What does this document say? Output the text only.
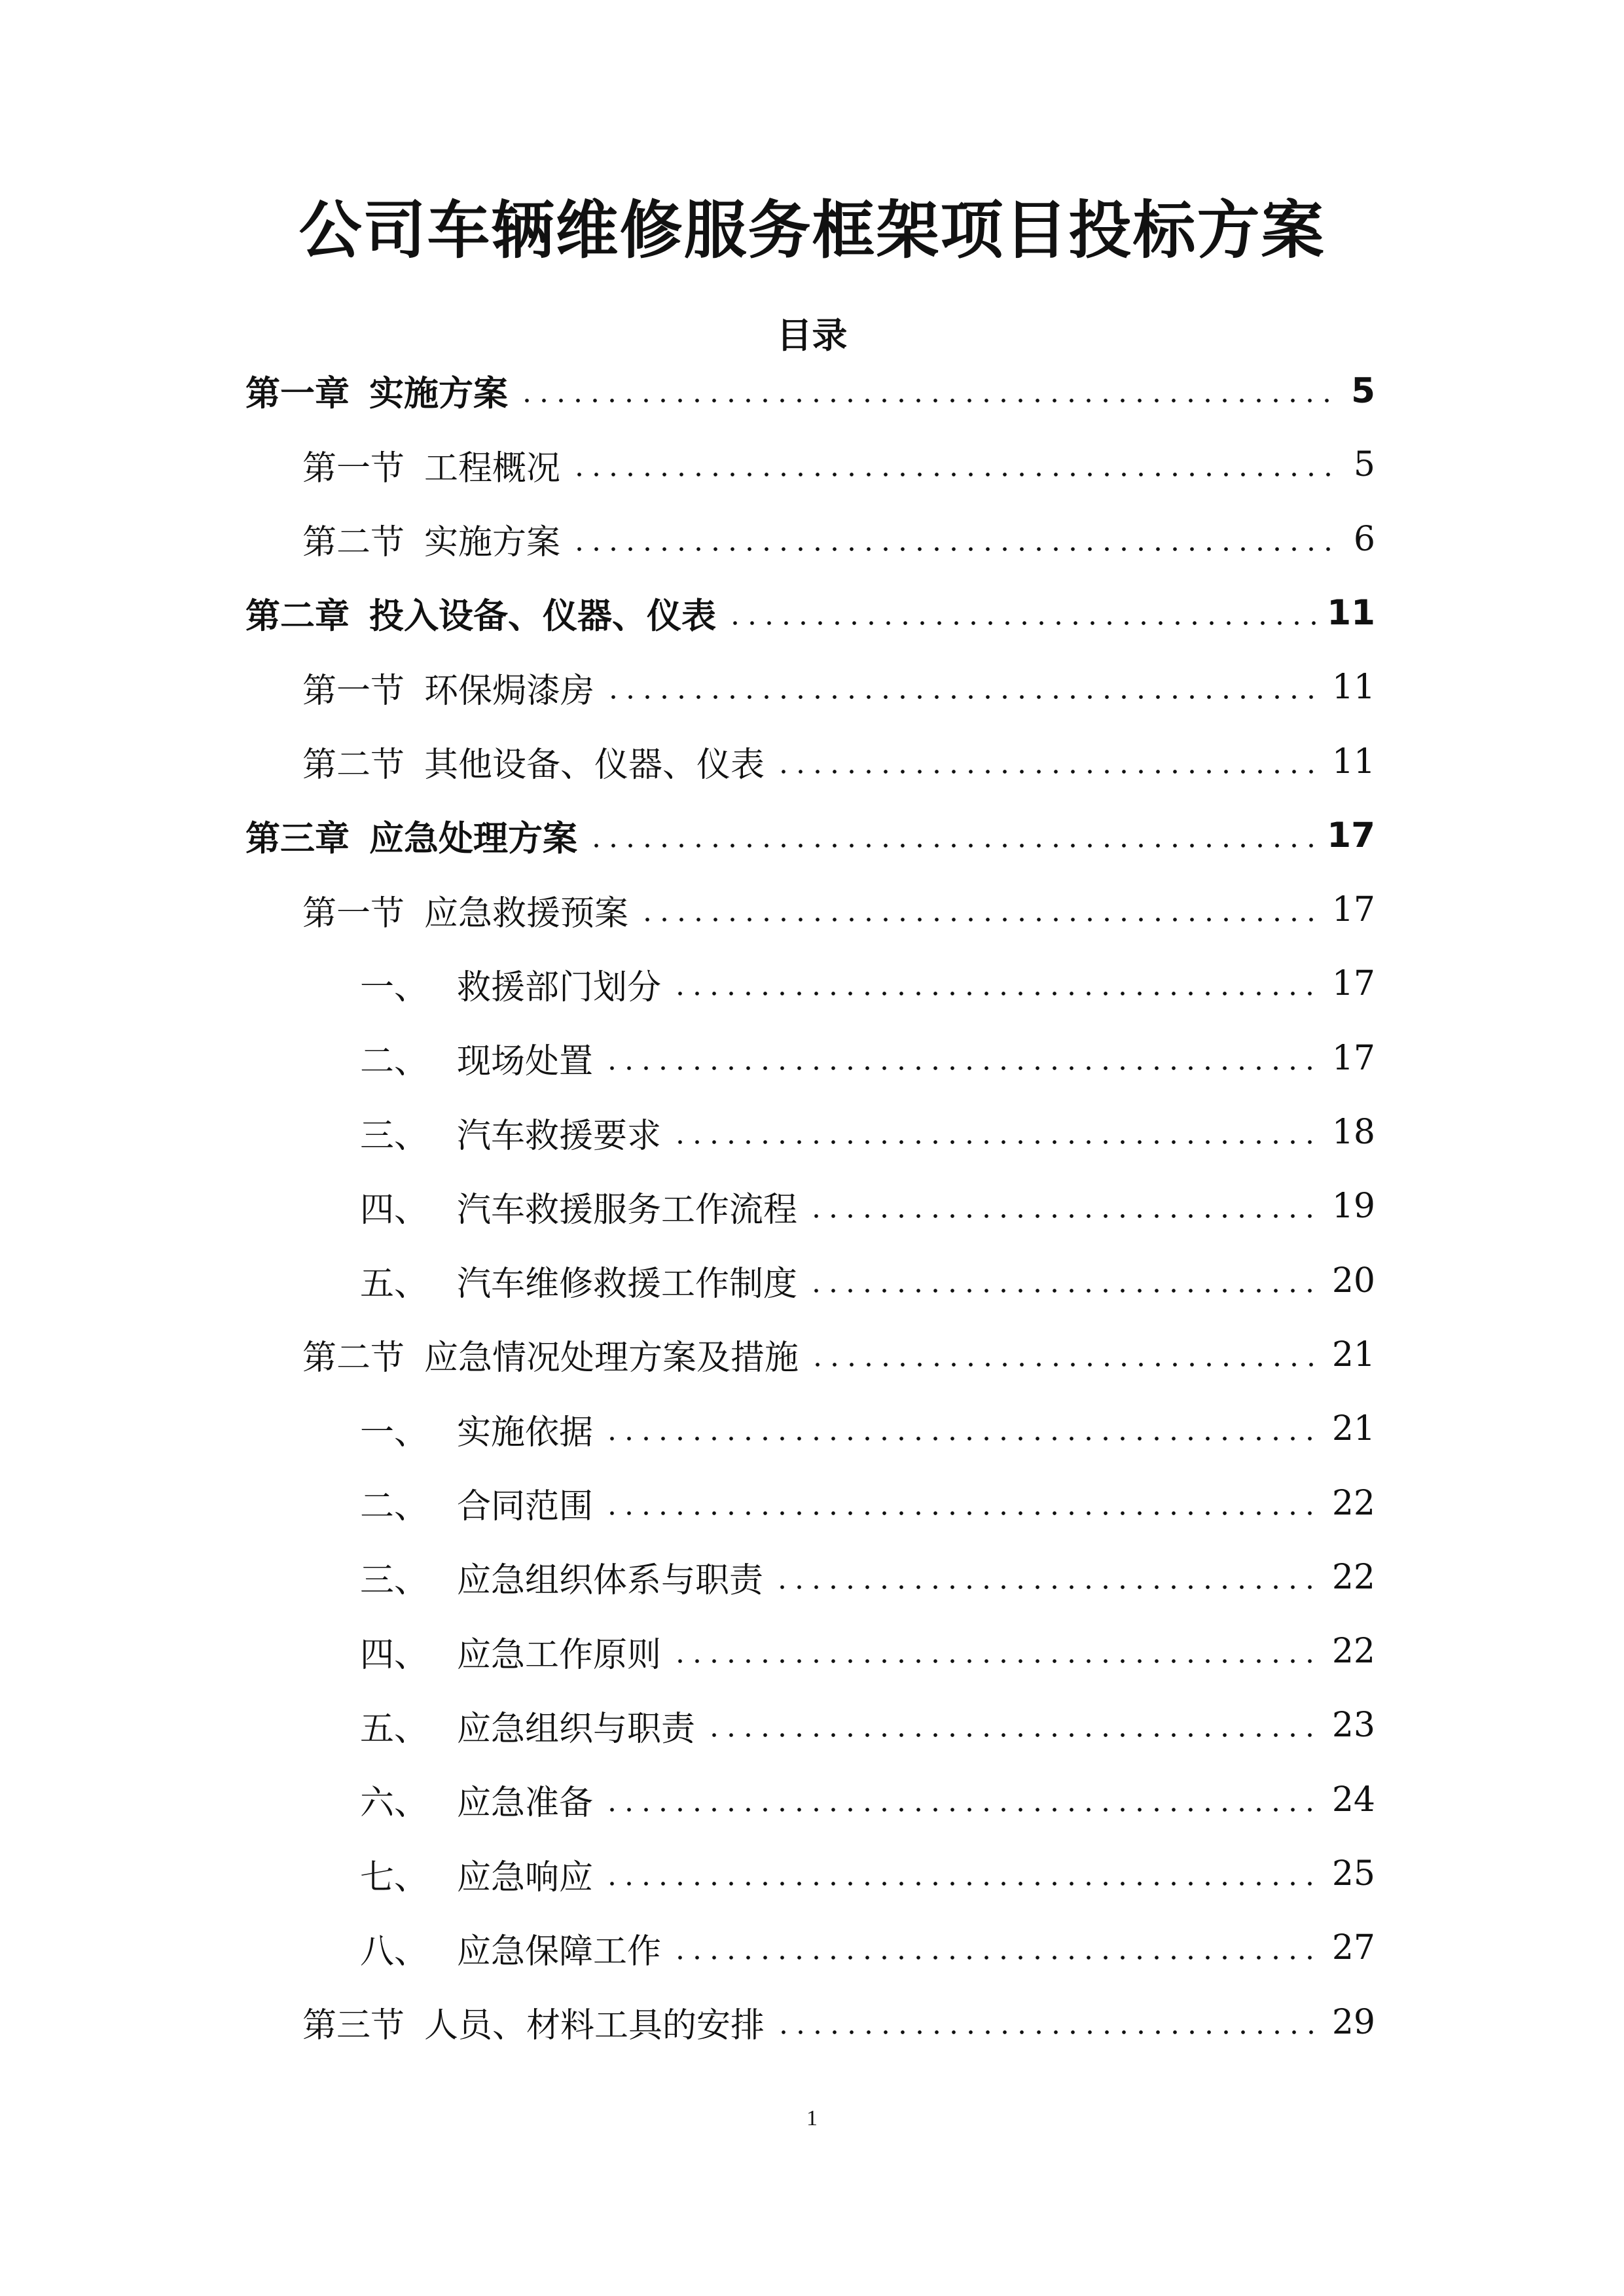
公司车辆维修服务框架项目投标方案
目录
第一章 实施方案	5
第一节 工程概况	5
第二节 实施方案	6
第二章 投入设备、仪器、仪表	11
第一节 环保焗漆房	11
第二节 其他设备、仪器、仪表	11
第三章 应急处理方案	17
第一节 应急救援预案	17
一、 救援部门划分	17
二、 现场处置	17
三、 汽车救援要求	18
四、 汽车救援服务工作流程	19
五、 汽车维修救援工作制度	20
第二节 应急情况处理方案及措施	21
一、 实施依据	21
二、 合同范围	22
三、 应急组织体系与职责	22
四、 应急工作原则	22
五、 应急组织与职责	23
六、 应急准备	24
七、 应急响应	25
八、 应急保障工作	27
第三节 人员、材料工具的安排	29
1
